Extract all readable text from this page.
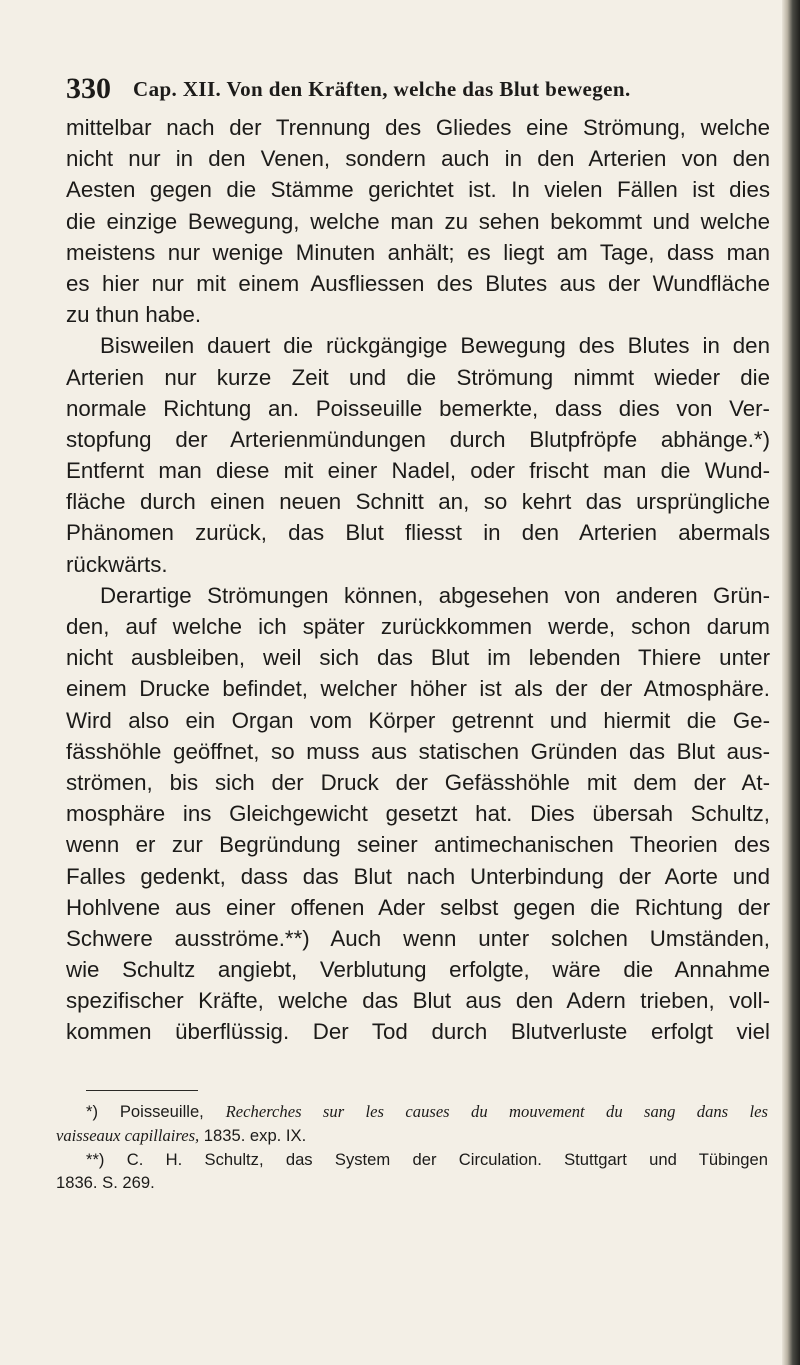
330 Cap. XII. Von den Kräften, welche das Blut bewegen.

mittelbar nach der Trennung des Gliedes eine Strömung, welche
nicht nur in den Venen, sondern auch in den Arterien von den
Aesten gegen die Stämme gerichtet ist. In vielen Fällen ist dies
die einzige Bewegung, welche man zu sehen bekommt und welche
meistens nur wenige Minuten anhält; es liegt am Tage, dass man
es hier nur mit einem Ausfliessen des Blutes aus der Wundfläche
zu thun habe.

Bisweilen dauert die rückgängige Bewegung des Blutes in den
Arterien nur kurze Zeit und die Strömung nimmt wieder die
normale Richtung an. Poisseuille bemerkte, dass dies von Ver-
stopfung der Arterienmündungen durch Blutpfröpfe abhänge.*)
Entfernt man diese mit einer Nadel, oder frischt man die Wund-
fläche durch einen neuen Schnitt an, so kehrt das ursprüngliche
Phänomen zurück, das Blut fliesst in den Arterien abermals
rückwärts.

Derartige Strömungen können, abgesehen von anderen Grün-
den, auf welche ich später zurückkommen werde, schon darum
nicht ausbleiben, weil sich das Blut im lebenden Thiere unter
einem Drucke befindet, welcher höher ist als der der Atmosphäre.
Wird also ein Organ vom Körper getrennt und hiermit die Ge-
fässhöhle geöffnet, so muss aus statischen Gründen das Blut aus-
strömen, bis sich der Druck der Gefässhöhle mit dem der At-
mosphäre ins Gleichgewicht gesetzt hat. Dies übersah Schultz,
wenn er zur Begründung seiner antimechanischen Theorien des
Falles gedenkt, dass das Blut nach Unterbindung der Aorte und
Hohlvene aus einer offenen Ader selbst gegen die Richtung der
Schwere ausströme.**) Auch wenn unter solchen Umständen,
wie Schultz angiebt, Verblutung erfolgte, wäre die Annahme
spezifischer Kräfte, welche das Blut aus den Adern trieben, voll-
kommen überflüssig. Der Tod durch Blutverluste erfolgt viel

*) Poisseuille, Recherches sur les causes du mouvement du sang dans les
vaisseaux capillaires, 1835. exp. IX.
**) C. H. Schultz, das System der Circulation. Stuttgart und Tübingen
1836. S. 269.
